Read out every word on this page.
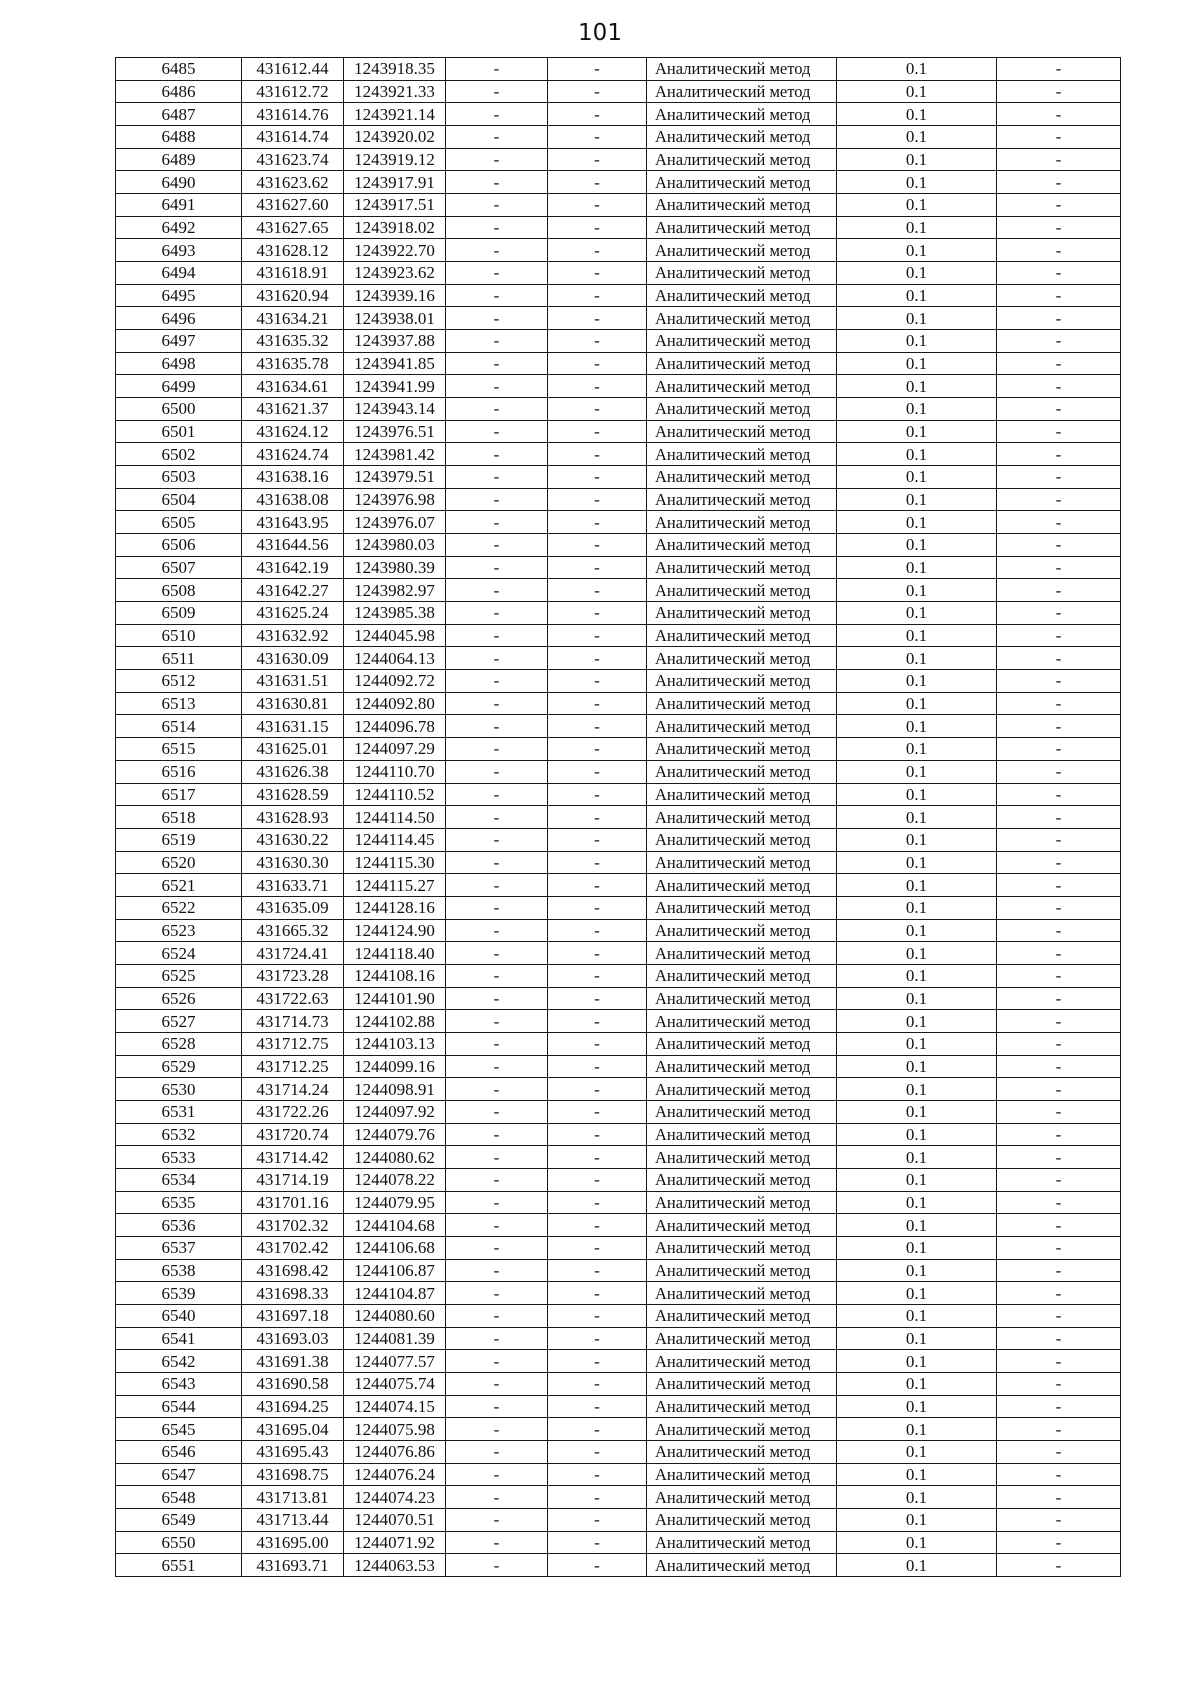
101
6485	431612.44	1243918.35	-	-	Аналитический метод	0.1	-
6486	431612.72	1243921.33	-	-	Аналитический метод	0.1	-
6487	431614.76	1243921.14	-	-	Аналитический метод	0.1	-
6488	431614.74	1243920.02	-	-	Аналитический метод	0.1	-
6489	431623.74	1243919.12	-	-	Аналитический метод	0.1	-
6490	431623.62	1243917.91	-	-	Аналитический метод	0.1	-
6491	431627.60	1243917.51	-	-	Аналитический метод	0.1	-
6492	431627.65	1243918.02	-	-	Аналитический метод	0.1	-
6493	431628.12	1243922.70	-	-	Аналитический метод	0.1	-
6494	431618.91	1243923.62	-	-	Аналитический метод	0.1	-
6495	431620.94	1243939.16	-	-	Аналитический метод	0.1	-
6496	431634.21	1243938.01	-	-	Аналитический метод	0.1	-
6497	431635.32	1243937.88	-	-	Аналитический метод	0.1	-
6498	431635.78	1243941.85	-	-	Аналитический метод	0.1	-
6499	431634.61	1243941.99	-	-	Аналитический метод	0.1	-
6500	431621.37	1243943.14	-	-	Аналитический метод	0.1	-
6501	431624.12	1243976.51	-	-	Аналитический метод	0.1	-
6502	431624.74	1243981.42	-	-	Аналитический метод	0.1	-
6503	431638.16	1243979.51	-	-	Аналитический метод	0.1	-
6504	431638.08	1243976.98	-	-	Аналитический метод	0.1	-
6505	431643.95	1243976.07	-	-	Аналитический метод	0.1	-
6506	431644.56	1243980.03	-	-	Аналитический метод	0.1	-
6507	431642.19	1243980.39	-	-	Аналитический метод	0.1	-
6508	431642.27	1243982.97	-	-	Аналитический метод	0.1	-
6509	431625.24	1243985.38	-	-	Аналитический метод	0.1	-
6510	431632.92	1244045.98	-	-	Аналитический метод	0.1	-
6511	431630.09	1244064.13	-	-	Аналитический метод	0.1	-
6512	431631.51	1244092.72	-	-	Аналитический метод	0.1	-
6513	431630.81	1244092.80	-	-	Аналитический метод	0.1	-
6514	431631.15	1244096.78	-	-	Аналитический метод	0.1	-
6515	431625.01	1244097.29	-	-	Аналитический метод	0.1	-
6516	431626.38	1244110.70	-	-	Аналитический метод	0.1	-
6517	431628.59	1244110.52	-	-	Аналитический метод	0.1	-
6518	431628.93	1244114.50	-	-	Аналитический метод	0.1	-
6519	431630.22	1244114.45	-	-	Аналитический метод	0.1	-
6520	431630.30	1244115.30	-	-	Аналитический метод	0.1	-
6521	431633.71	1244115.27	-	-	Аналитический метод	0.1	-
6522	431635.09	1244128.16	-	-	Аналитический метод	0.1	-
6523	431665.32	1244124.90	-	-	Аналитический метод	0.1	-
6524	431724.41	1244118.40	-	-	Аналитический метод	0.1	-
6525	431723.28	1244108.16	-	-	Аналитический метод	0.1	-
6526	431722.63	1244101.90	-	-	Аналитический метод	0.1	-
6527	431714.73	1244102.88	-	-	Аналитический метод	0.1	-
6528	431712.75	1244103.13	-	-	Аналитический метод	0.1	-
6529	431712.25	1244099.16	-	-	Аналитический метод	0.1	-
6530	431714.24	1244098.91	-	-	Аналитический метод	0.1	-
6531	431722.26	1244097.92	-	-	Аналитический метод	0.1	-
6532	431720.74	1244079.76	-	-	Аналитический метод	0.1	-
6533	431714.42	1244080.62	-	-	Аналитический метод	0.1	-
6534	431714.19	1244078.22	-	-	Аналитический метод	0.1	-
6535	431701.16	1244079.95	-	-	Аналитический метод	0.1	-
6536	431702.32	1244104.68	-	-	Аналитический метод	0.1	-
6537	431702.42	1244106.68	-	-	Аналитический метод	0.1	-
6538	431698.42	1244106.87	-	-	Аналитический метод	0.1	-
6539	431698.33	1244104.87	-	-	Аналитический метод	0.1	-
6540	431697.18	1244080.60	-	-	Аналитический метод	0.1	-
6541	431693.03	1244081.39	-	-	Аналитический метод	0.1	-
6542	431691.38	1244077.57	-	-	Аналитический метод	0.1	-
6543	431690.58	1244075.74	-	-	Аналитический метод	0.1	-
6544	431694.25	1244074.15	-	-	Аналитический метод	0.1	-
6545	431695.04	1244075.98	-	-	Аналитический метод	0.1	-
6546	431695.43	1244076.86	-	-	Аналитический метод	0.1	-
6547	431698.75	1244076.24	-	-	Аналитический метод	0.1	-
6548	431713.81	1244074.23	-	-	Аналитический метод	0.1	-
6549	431713.44	1244070.51	-	-	Аналитический метод	0.1	-
6550	431695.00	1244071.92	-	-	Аналитический метод	0.1	-
6551	431693.71	1244063.53	-	-	Аналитический метод	0.1	-
